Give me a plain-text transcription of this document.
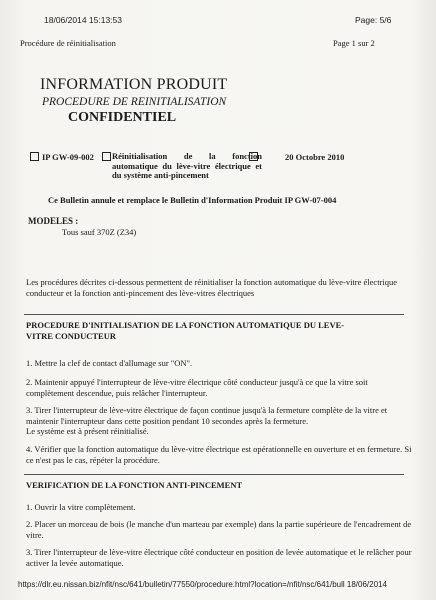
18/06/2014 15:13:53	Page: 5/6
Procédure de réinitialisation	Page 1 sur 2
INFORMATION PRODUIT
PROCEDURE DE REINITIALISATION
CONFIDENTIEL
IP GW-09-002 Réinitialisation de la fonction automatique du lève-vitre électrique et du système anti-pincement
20 Octobre 2010
Ce Bulletin annule et remplace le Bulletin d'Information Produit IP GW-07-004
MODELES :
Tous sauf 370Z (Z34)
Les procédures décrites ci-dessous permettent de réinitialiser la fonction automatique du lève-vitre électrique conducteur et la fonction anti-pincement des lève-vitres électriques
PROCEDURE D'INITIALISATION DE LA FONCTION AUTOMATIQUE DU LEVE-VITRE CONDUCTEUR
1. Mettre la clef de contact d'allumage sur "ON".
2. Maintenir appuyé l'interrupteur de lève-vitre électrique côté conducteur jusqu'à ce que la vitre soit complètement descendue, puis relâcher l'interrupteur.
3. Tirer l'interrupteur de lève-vitre électrique de façon continue jusqu'à la fermeture complète de la vitre et maintenir l'interrupteur dans cette position pendant 10 secondes après la fermeture.
Le système est à présent réinitialisé.
4. Vérifier que la fonction automatique du lève-vitre électrique est opérationnelle en ouverture et en fermeture. Si ce n'est pas le cas, répéter la procédure.
VERIFICATION DE LA FONCTION ANTI-PINCEMENT
1. Ouvrir la vitre complètement.
2. Placer un morceau de bois (le manche d'un marteau par exemple) dans la partie supérieure de l'encadrement de vitre.
3. Tirer l'interrupteur de lève-vitre électrique côté conducteur en position de levée automatique et le relâcher pour activer la levée automatique.
https://dlr.eu.nissan.biz/nfit/nsc/641/bulletin/77550/procedure.html?location=/nfit/nsc/641/bull 18/06/2014
